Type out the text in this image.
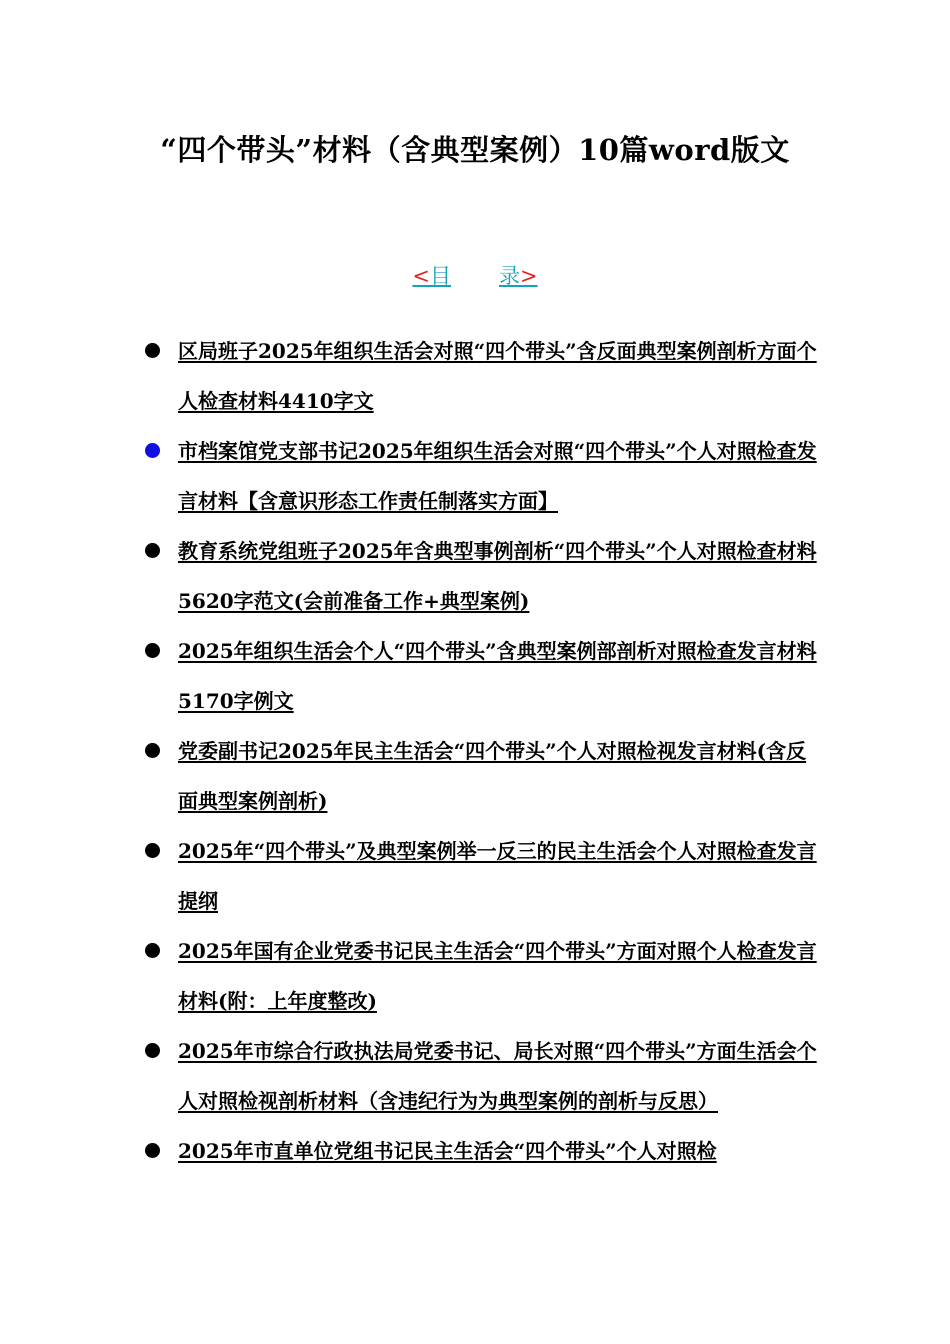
“四个带头”材料（含典型案例）10篇word版文
<目 录>
区局班子2025年组织生活会对照“四个带头”含反面典型案例剖析方面个人检查材料4410字文
市档案馆党支部书记2025年组织生活会对照“四个带头”个人对照检查发言材料【含意识形态工作责任制落实方面】
教育系统党组班子2025年含典型事例剖析“四个带头”个人对照检查材料5620字范文(会前准备工作+典型案例)
2025年组织生活会个人“四个带头”含典型案例部剖析对照检查发言材料5170字例文
党委副书记2025年民主生活会“四个带头”个人对照检视发言材料(含反面典型案例剖析)
2025年“四个带头”及典型案例举一反三的民主生活会个人对照检查发言提纲
2025年国有企业党委书记民主生活会“四个带头”方面对照个人检查发言材料(附：上年度整改)
2025年市综合行政执法局党委书记、局长对照“四个带头”方面生活会个人对照检视剖析材料（含违纪行为为典型案例的剖析与反思）
2025年市直单位党组书记民主生活会“四个带头”个人对照检
